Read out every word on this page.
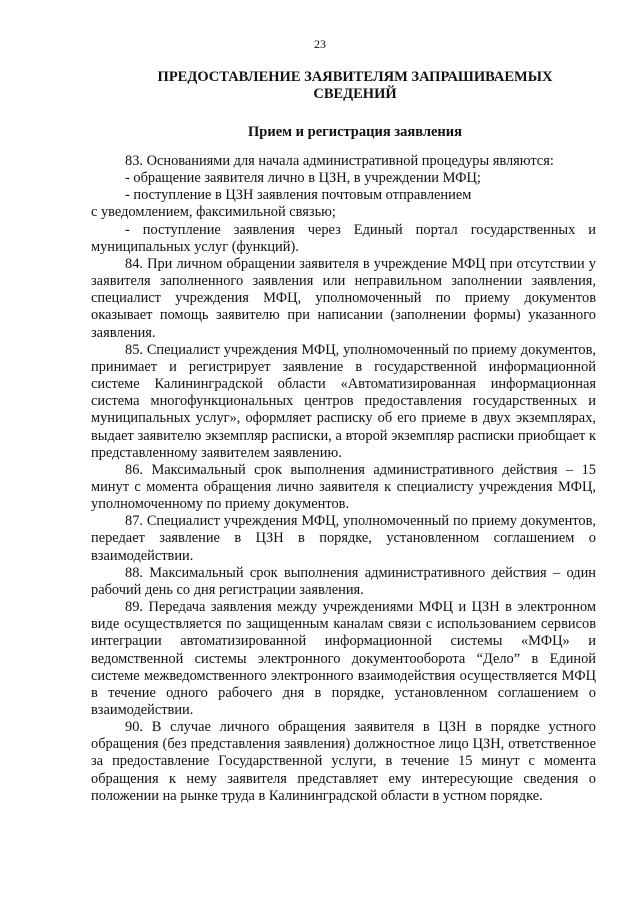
23
ПРЕДОСТАВЛЕНИЕ ЗАЯВИТЕЛЯМ ЗАПРАШИВАЕМЫХ
СВЕДЕНИЙ
Прием и регистрация заявления

83. Основаниями для начала административной процедуры являются:

- обращение заявителя лично в ЦЗН, в учреждении МФЦ;

- поступление в ЦЗН заявления почтовым отправлением

с уведомлением, факсимильной связью;

- поступление заявления через Единый портал государственных и муниципальных услуг (функций).

84. При личном обращении заявителя в учреждение МФЦ при отсутствии у заявителя заполненного заявления или неправильном заполнении заявления, специалист учреждения МФЦ, уполномоченный по приему документов оказывает помощь заявителю при написании (заполнении формы) указанного заявления.

85. Специалист учреждения МФЦ, уполномоченный по приему документов, принимает и регистрирует заявление в государственной информационной системе Калининградской области «Автоматизированная информационная система многофункциональных центров предоставления государственных и муниципальных услуг», оформляет расписку об его приеме в двух экземплярах, выдает заявителю экземпляр расписки, а второй экземпляр расписки приобщает к представленному заявителем заявлению.

86. Максимальный срок выполнения административного действия – 15 минут с момента обращения лично заявителя к специалисту учреждения МФЦ, уполномоченному по приему документов.

87. Специалист учреждения МФЦ, уполномоченный по приему документов, передает заявление в ЦЗН в порядке, установленном соглашением о взаимодействии.

88. Максимальный срок выполнения административного действия – один рабочий день со дня регистрации заявления.

89. Передача заявления между учреждениями МФЦ и ЦЗН в электронном виде осуществляется по защищенным каналам связи с использованием сервисов интеграции автоматизированной информационной системы «МФЦ» и ведомственной системы электронного документооборота “Дело” в Единой системе межведомственного электронного взаимодействия осуществляется МФЦ в течение одного рабочего дня в порядке, установленном соглашением о взаимодействии.

90. В случае личного обращения заявителя в ЦЗН в порядке устного обращения (без представления заявления) должностное лицо ЦЗН, ответственное за предоставление Государственной услуги, в течение 15 минут с момента обращения к нему заявителя представляет ему интересующие сведения о положении на рынке труда в Калининградской области в устном порядке.
